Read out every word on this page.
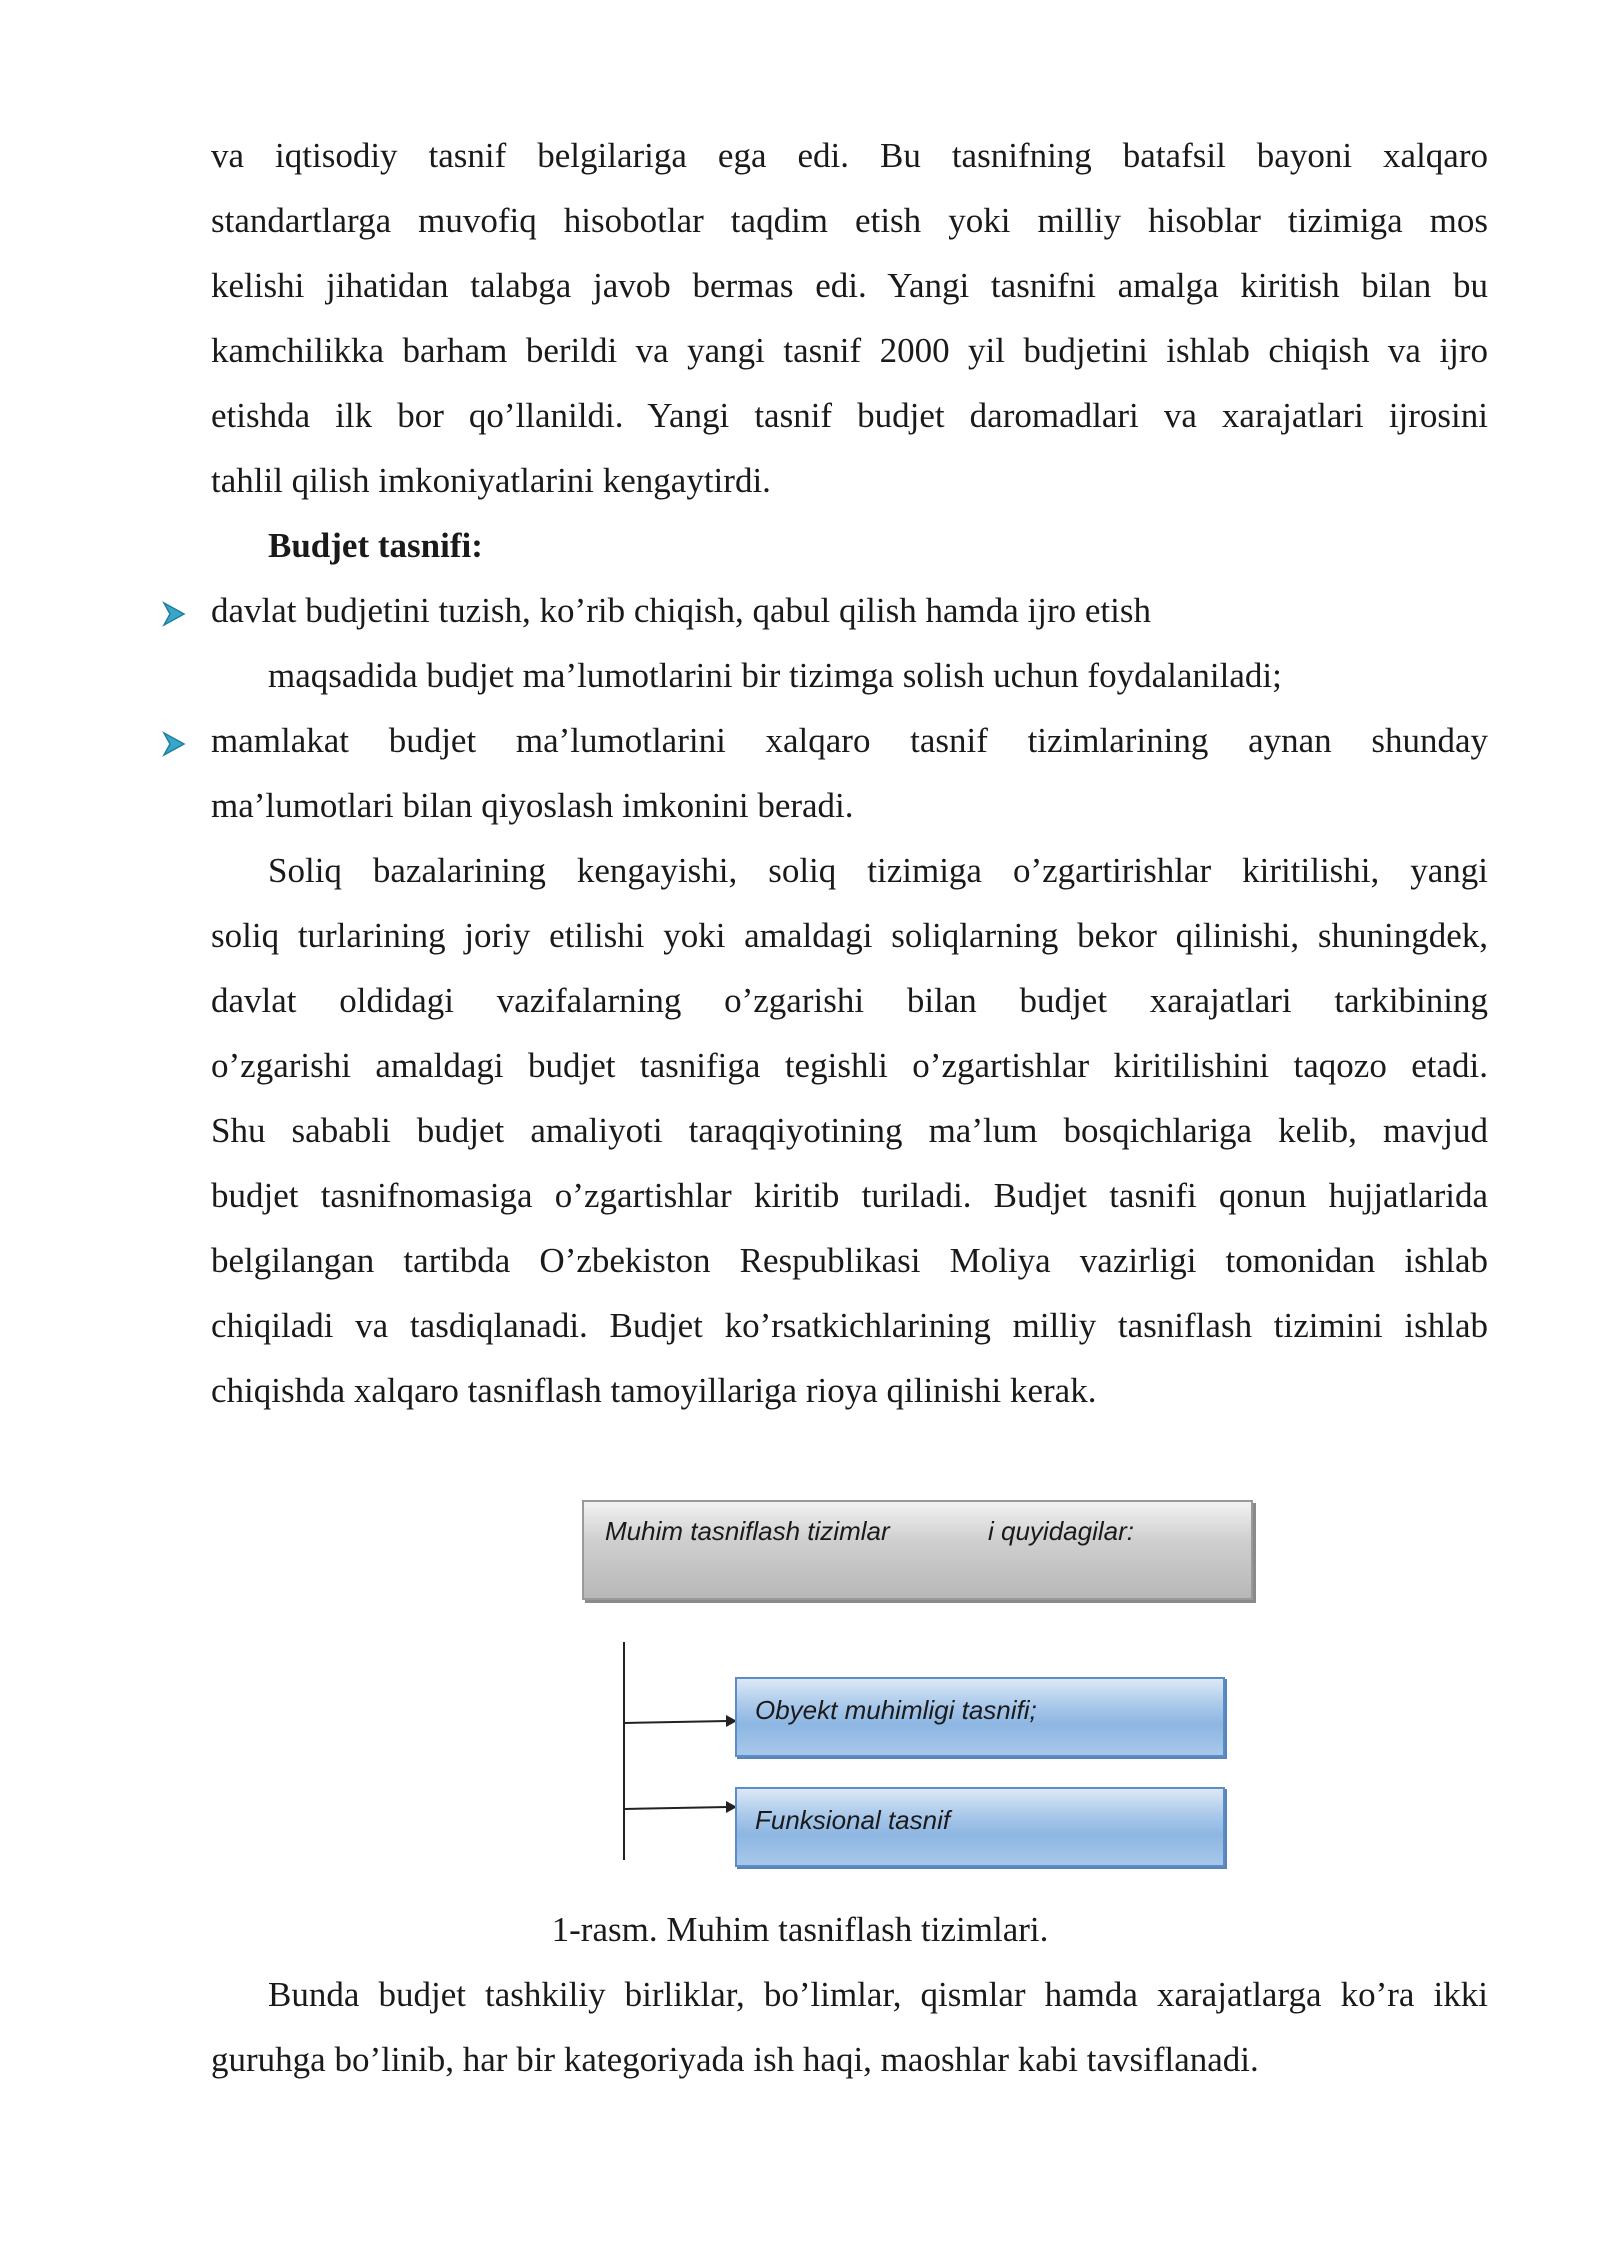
va iqtisodiy tasnif belgilariga ega edi. Bu tasnifning batafsil bayoni xalqaro
standartlarga muvofiq hisobotlar taqdim etish yoki milliy hisoblar tizimiga mos
kelishi jihatidan talabga javob bermas edi. Yangi tasnifni amalga kiritish bilan bu
kamchilikka barham berildi va yangi tasnif 2000 yil budjetini ishlab chiqish va ijro
etishda ilk bor qo’llanildi. Yangi tasnif budjet daromadlari va xarajatlari ijrosini
tahlil qilish imkoniyatlarini kengaytirdi.
Budjet tasnifi:
davlat budjetini tuzish, ko’rib chiqish, qabul qilish hamda ijro etish
maqsadida budjet ma’lumotlarini bir tizimga solish uchun foydalaniladi;
mamlakat budjet ma’lumotlarini xalqaro tasnif tizimlarining aynan shunday
ma’lumotlari bilan qiyoslash imkonini beradi.
Soliq bazalarining kengayishi, soliq tizimiga o’zgartirishlar kiritilishi, yangi
soliq turlarining joriy etilishi yoki amaldagi soliqlarning bekor qilinishi, shuningdek,
davlat oldidagi vazifalarning o’zgarishi bilan budjet xarajatlari tarkibining
o’zgarishi amaldagi budjet tasnifiga tegishli o’zgartishlar kiritilishini taqozo etadi.
Shu sababli budjet amaliyoti taraqqiyotining ma’lum bosqichlariga kelib, mavjud
budjet tasnifnomasiga o’zgartishlar kiritib turiladi. Budjet tasnifi qonun hujjatlarida
belgilangan tartibda O’zbekiston Respublikasi Moliya vazirligi tomonidan ishlab
chiqiladi va tasdiqlanadi. Budjet ko’rsatkichlarining milliy tasniflash tizimini ishlab
chiqishda xalqaro tasniflash tamoyillariga rioya qilinishi kerak.
Muhim tasniflash tizimlar	i quyidagilar:
Obyekt muhimligi tasnifi;
Funksional tasnif
1-rasm. Muhim tasniflash tizimlari.
Bunda budjet tashkiliy birliklar, bo’limlar, qismlar hamda xarajatlarga ko’ra ikki
guruhga bo’linib, har bir kategoriyada ish haqi, maoshlar kabi tavsiflanadi.
